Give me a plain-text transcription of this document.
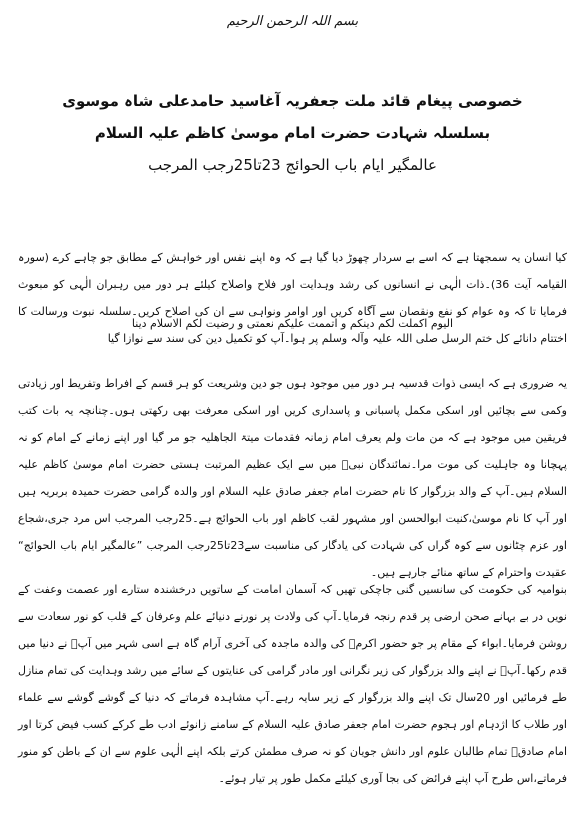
بسم اللہ الرحمن الرحیم
خصوصی پیغام قائد ملت جعفریہ آغاسید حامدعلی شاہ موسوی
بسلسلہ شہادت حضرت امام موسیٰ کاظم علیہ السلام
عالمگیر ایام باب الحوائج 23تا25رجب المرجب

کیا انسان یہ سمجھتا ہے کہ اسے بے سردار چھوڑ دیا گیا ہے کہ وہ اپنے نفس اور خواہش کے مطابق جو چاہے کرے (سورہ القیامہ آیت 36)۔ذات الٰہی نے انسانوں کی رشد وہدایت اور فلاح واصلاح کیلئے ہر دور میں رہبران الٰہی کو مبعوث فرمایا تا کہ وہ عوام کو نفع ونقصان سے آگاہ کریں اور اوامر ونواہی سے ان کی اصلاح کریں۔سلسلہ نبوت ورسالت کا اختتام دانائے کل ختم الرسل صلی اللہ علیہ وآلہ وسلم پر ہوا۔آپ کو تکمیل دین کی سند سے نوازا گیا

الیوم اکملت لکم دینکم و اتممت علیکم نعمتی و رضیت لکم الاسلام دینا

یہ ضروری ہے کہ ایسی ذوات قدسیہ ہر دور میں موجود ہوں جو دین وشریعت کو ہر قسم کے افراط وتفریط اور زیادتی وکمی سے بچائیں اور اسکی مکمل پاسبانی و پاسداری کریں اور اسکی معرفت بھی رکھتی ہوں۔چنانچہ یہ بات کتب فریقین میں موجود ہے کہ من مات ولم یعرف امام زمانہ فقدمات میتۃ الجاھلیہ جو مر گیا اور اپنے زمانے کے امام کو نہ پہچانا وہ جاہلیت کی موت مرا۔نمائندگان نبیؐ میں سے ایک عظیم المرتبت ہستی حضرت امام موسیٰ کاظم علیہ السلام ہیں۔آپ کے والد بزرگوار کا نام حضرت امام جعفر صادق علیہ السلام اور والدہ گرامی حضرت حمیدہ بربریہ ہیں اور آپ کا نام موسیٰ،کنیت ابوالحسن اور مشہور لقب کاظم اور باب الحوائج ہے۔25رجب المرجب اس مرد جری،شجاع اور عزم چٹانوں سے کوہ گراں کی شہادت کی یادگار کی مناسبت سے23تا25رجب المرجب ”عالمگیر ایام باب الحوائج“ عقیدت واحترام کے ساتھ منائے جارہے ہیں۔

بنوامیہ کی حکومت کی سانسیں گنی جاچکی تھیں کہ آسمان امامت کے ساتویں درخشندہ ستارے اور عصمت وعفت کے نویں در بے بہانے صحن ارضی پر قدم رنجہ فرمایا۔آپ کی ولادت پر نورنے دنیائے علم وعرفان کے قلب کو نور سعادت سے روشن فرمایا۔ابواء کے مقام پر جو حضور اکرمؐ کی والدہ ماجدہ کی آخری آرام گاہ ہے اسی شہر میں آپؑ نے دنیا میں قدم رکھا۔آپؑ نے اپنے والد بزرگوار کی زیر نگرانی اور مادر گرامی کی عنایتوں کے سائے میں رشد وہدایت کی تمام منازل طے فرمائیں اور 20سال تک اپنے والد بزرگوار کے زیر سایہ رہے۔آپ مشاہدہ فرماتے کہ دنیا کے گوشے گوشے سے علماء اور طلاب کا اژدہام اور ہجوم حضرت امام جعفر صادق علیہ السلام کے سامنے زانوئے ادب طے کرکے کسب فیض کرتا اور امام صادقؑ تمام طالبان علوم اور دانش جویان کو نہ صرف مطمئن کرتے بلکہ اپنے الٰہی علوم سے ان کے باطن کو منور فرماتے،اس طرح آپ اپنے فرائض کی بجا آوری کیلئے مکمل طور پر تیار ہوئے۔
